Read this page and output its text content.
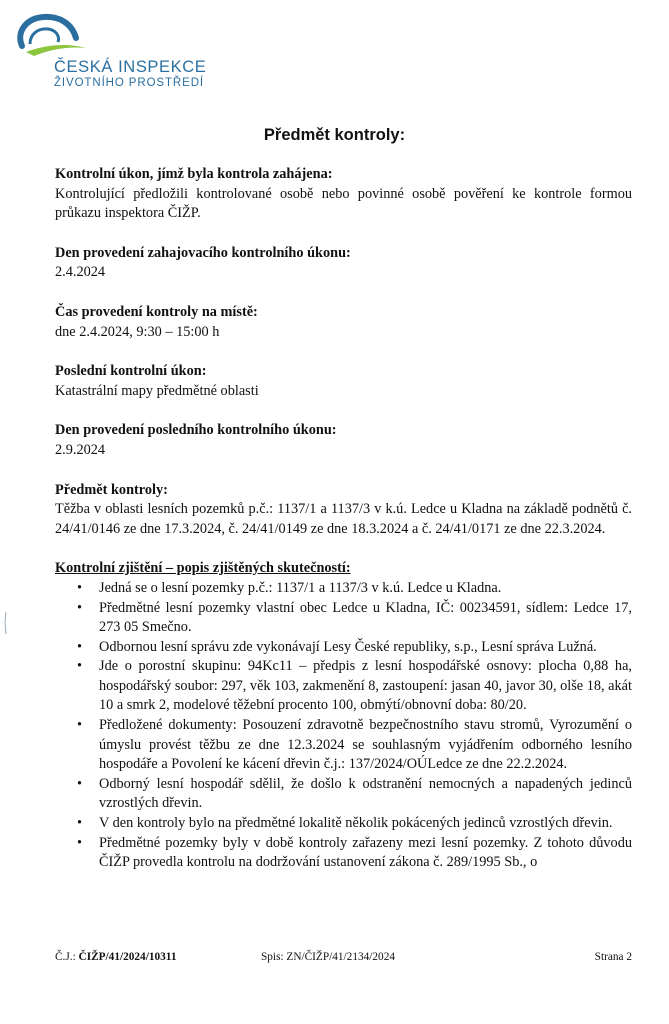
ČESKÁ INSPEKCE
ŽIVOTNÍHO PROSTŘEDÍ
Předmět kontroly:
Kontrolní úkon, jímž byla kontrola zahájena:
Kontrolující předložili kontrolované osobě nebo povinné osobě pověření ke kontrole formou průkazu inspektora ČIŽP.
Den provedení zahajovacího kontrolního úkonu:
2.4.2024
Čas provedení kontroly na místě:
dne 2.4.2024, 9:30 – 15:00 h
Poslední kontrolní úkon:
Katastrální mapy předmětné oblasti
Den provedení posledního kontrolního úkonu:
2.9.2024
Předmět kontroly:
Těžba v oblasti lesních pozemků p.č.: 1137/1 a 1137/3 v k.ú. Ledce u Kladna na základě podnětů č. 24/41/0146 ze dne 17.3.2024, č. 24/41/0149 ze dne 18.3.2024 a č. 24/41/0171 ze dne 22.3.2024.
Kontrolní zjištění – popis zjištěných skutečností:
• Jedná se o lesní pozemky p.č.: 1137/1 a 1137/3 v k.ú. Ledce u Kladna.
• Předmětné lesní pozemky vlastní obec Ledce u Kladna, IČ: 00234591, sídlem: Ledce 17, 273 05 Smečno.
• Odbornou lesní správu zde vykonávají Lesy České republiky, s.p., Lesní správa Lužná.
• Jde o porostní skupinu: 94Kc11 – předpis z lesní hospodářské osnovy: plocha 0,88 ha, hospodářský soubor: 297, věk 103, zakmenění 8, zastoupení: jasan 40, javor 30, olše 18, akát 10 a smrk 2, modelové těžební procento 100, obmýtí/obnovní doba: 80/20.
• Předložené dokumenty: Posouzení zdravotně bezpečnostního stavu stromů, Vyrozumění o úmyslu provést těžbu ze dne 12.3.2024 se souhlasným vyjádřením odborného lesního hospodáře a Povolení ke kácení dřevin č.j.: 137/2024/OÚLedce ze dne 22.2.2024.
• Odborný lesní hospodář sdělil, že došlo k odstranění nemocných a napadených jedinců vzrostlých dřevin.
• V den kontroly bylo na předmětné lokalitě několik pokácených jedinců vzrostlých dřevin.
• Předmětné pozemky byly v době kontroly zařazeny mezi lesní pozemky. Z tohoto důvodu ČIŽP provedla kontrolu na dodržování ustanovení zákona č. 289/1995 Sb., o
Č.J.: ČIŽP/41/2024/10311	Spis: ZN/ČIŽP/41/2134/2024	Strana 2
